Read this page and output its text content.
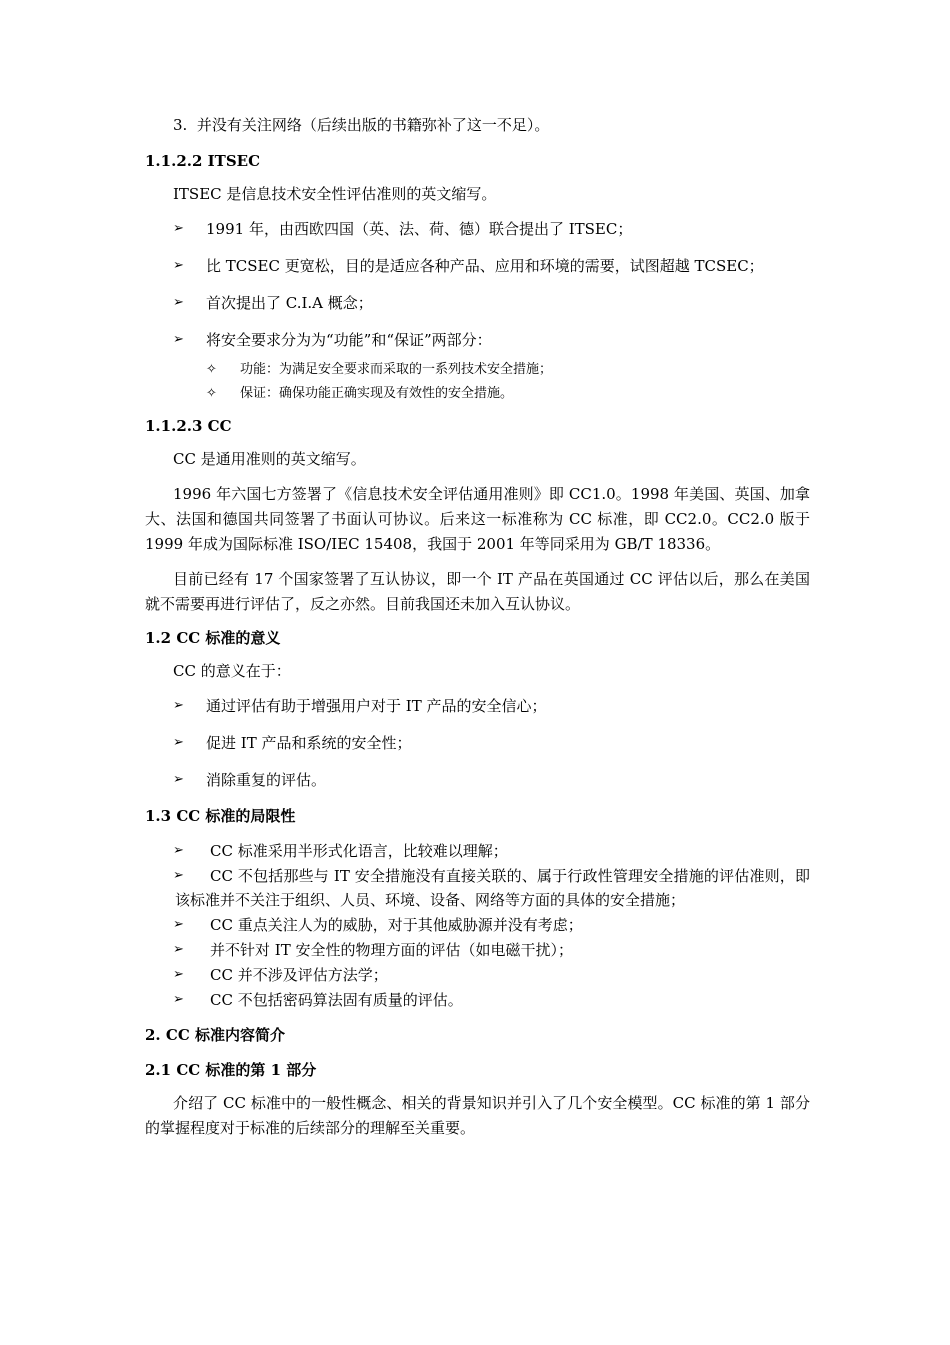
3.  并没有关注网络（后续出版的书籍弥补了这一不足）。

1.1.2.2 ITSEC

ITSEC 是信息技术安全性评估准则的英文缩写。

➢ 1991 年，由西欧四国（英、法、荷、德）联合提出了 ITSEC；
➢ 比 TCSEC 更宽松，目的是适应各种产品、应用和环境的需要，试图超越 TCSEC；
➢ 首次提出了 C.I.A 概念；
➢ 将安全要求分为为“功能”和“保证”两部分：
✧ 功能：为满足安全要求而采取的一系列技术安全措施；
✧ 保证：确保功能正确实现及有效性的安全措施。

1.1.2.3 CC

CC 是通用准则的英文缩写。

1996 年六国七方签署了《信息技术安全评估通用准则》即 CC1.0。1998 年美国、英国、加拿大、法国和德国共同签署了书面认可协议。后来这一标准称为 CC 标准，即 CC2.0。CC2.0 版于 1999 年成为国际标准 ISO/IEC 15408，我国于 2001 年等同采用为 GB/T 18336。

目前已经有 17 个国家签署了互认协议，即一个 IT 产品在英国通过 CC 评估以后，那么在美国就不需要再进行评估了，反之亦然。目前我国还未加入互认协议。

1.2 CC 标准的意义

CC 的意义在于：

➢ 通过评估有助于增强用户对于 IT 产品的安全信心；
➢ 促进 IT 产品和系统的安全性；
➢ 消除重复的评估。

1.3 CC 标准的局限性

➢ CC 标准采用半形式化语言，比较难以理解；
➢ CC 不包括那些与 IT 安全措施没有直接关联的、属于行政性管理安全措施的评估准则，即该标准并不关注于组织、人员、环境、设备、网络等方面的具体的安全措施；
➢ CC 重点关注人为的威胁，对于其他威胁源并没有考虑；
➢ 并不针对 IT 安全性的物理方面的评估（如电磁干扰）；
➢ CC 并不涉及评估方法学；
➢ CC 不包括密码算法固有质量的评估。

2. CC 标准内容简介

2.1 CC 标准的第 1 部分

介绍了 CC 标准中的一般性概念、相关的背景知识并引入了几个安全模型。CC 标准的第 1 部分的掌握程度对于标准的后续部分的理解至关重要。
